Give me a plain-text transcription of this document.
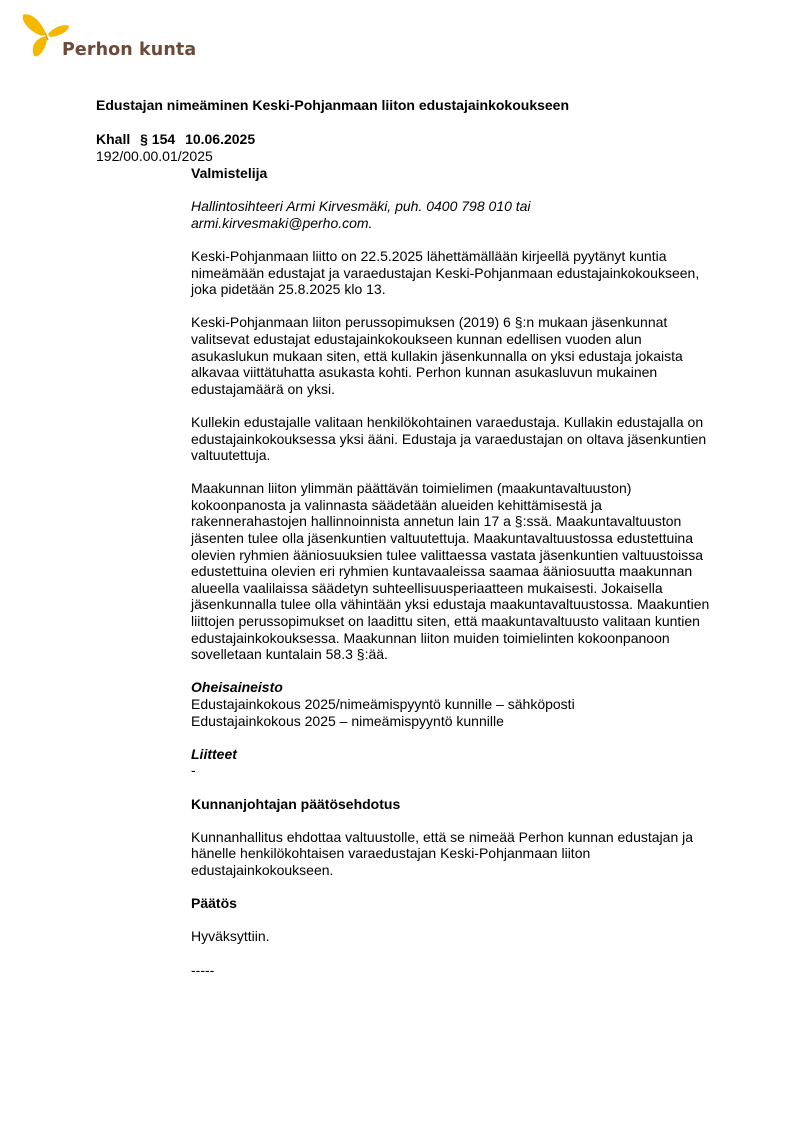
Perhon kunta
Edustajan nimeäminen Keski-Pohjanmaan liiton edustajainkokoukseen
Khall § 154 10.06.2025
192/00.00.01/2025
Valmistelija

Hallintosihteeri Armi Kirvesmäki, puh. 0400 798 010 tai
armi.kirvesmaki@perho.com.

Keski-Pohjanmaan liitto on 22.5.2025 lähettämällään kirjeellä pyytänyt kuntia nimeämään edustajat ja varaedustajan Keski-Pohjanmaan edustajainkokoukseen, joka pidetään 25.8.2025 klo 13.

Keski-Pohjanmaan liiton perussopimuksen (2019) 6 §:n mukaan jäsenkunnat valitsevat edustajat edustajainkokoukseen kunnan edellisen vuoden alun asukaslukun mukaan siten, että kullakin jäsenkunnalla on yksi edustaja jokaista alkavaa viittätuhatta asukasta kohti. Perhon kunnan asukasluvun mukainen edustajamäärä on yksi.

Kullekin edustajalle valitaan henkilökohtainen varaedustaja. Kullakin edustajalla on edustajainkokouksessa yksi ääni. Edustaja ja varaedustajan on oltava jäsenkuntien valtuutettuja.

Maakunnan liiton ylimmän päättävän toimielimen (maakuntavaltuuston) kokoonpanosta ja valinnasta säädetään alueiden kehittämisestä ja rakennerahastojen hallinnoinnista annetun lain 17 a §:ssä. Maakuntavaltuuston jäsenten tulee olla jäsenkuntien valtuutettuja. Maakuntavaltuustossa edustettuina olevien ryhmien ääniosuuksien tulee valittaessa vastata jäsenkuntien valtuustoissa edustettuina olevien eri ryhmien kuntavaaleissa saamaa ääniosuutta maakunnan alueella vaalilaissa säädetyn suhteellisuusperiaatteen mukaisesti. Jokaisella jäsenkunnalla tulee olla vähintään yksi edustaja maakuntavaltuustossa. Maakuntien liittojen perussopimukset on laadittu siten, että maakuntavaltuusto valitaan kuntien edustajainkokouksessa. Maakunnan liiton muiden toimielinten kokoonpanoon sovelletaan kuntalain 58.3 §:ää.

Oheisaineisto
Edustajainkokous 2025/nimeämispyyntö kunnille – sähköposti
Edustajainkokous 2025 – nimeämispyyntö kunnille

Liitteet
-

Kunnanjohtajan päätösehdotus

Kunnanhallitus ehdottaa valtuustolle, että se nimeää Perhon kunnan edustajan ja hänelle henkilökohtaisen varaedustajan Keski-Pohjanmaan liiton edustajainkokoukseen.

Päätös

Hyväksyttiin.

-----
